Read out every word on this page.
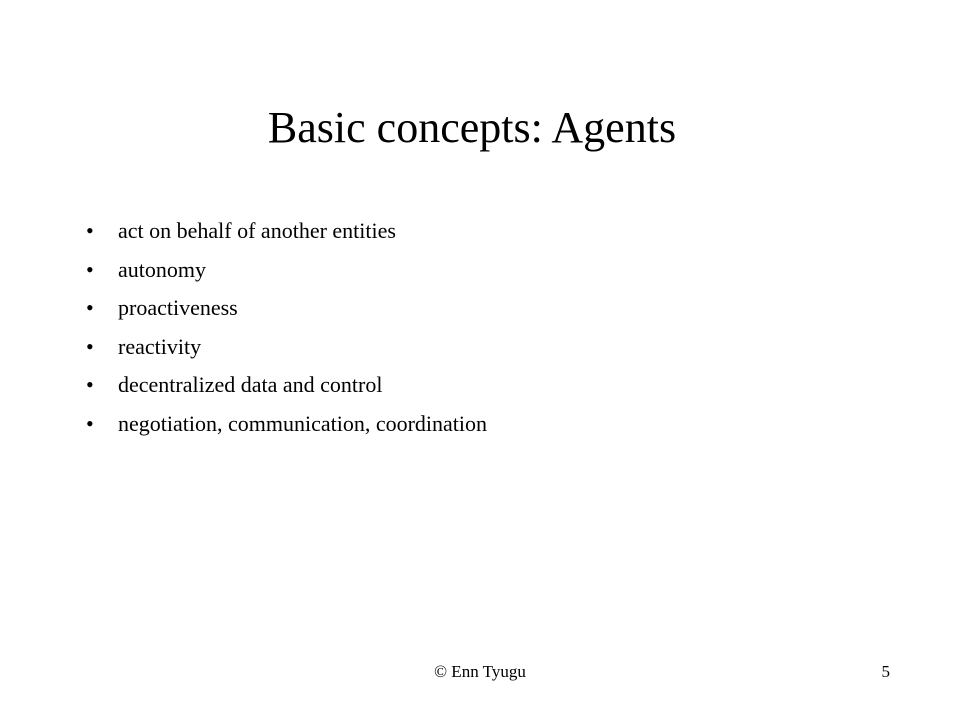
Basic concepts: Agents
•	act on behalf of another entities
•	autonomy
•	proactiveness
•	reactivity
•	decentralized data and control
•	negotiation, communication, coordination
© Enn Tyugu	5
